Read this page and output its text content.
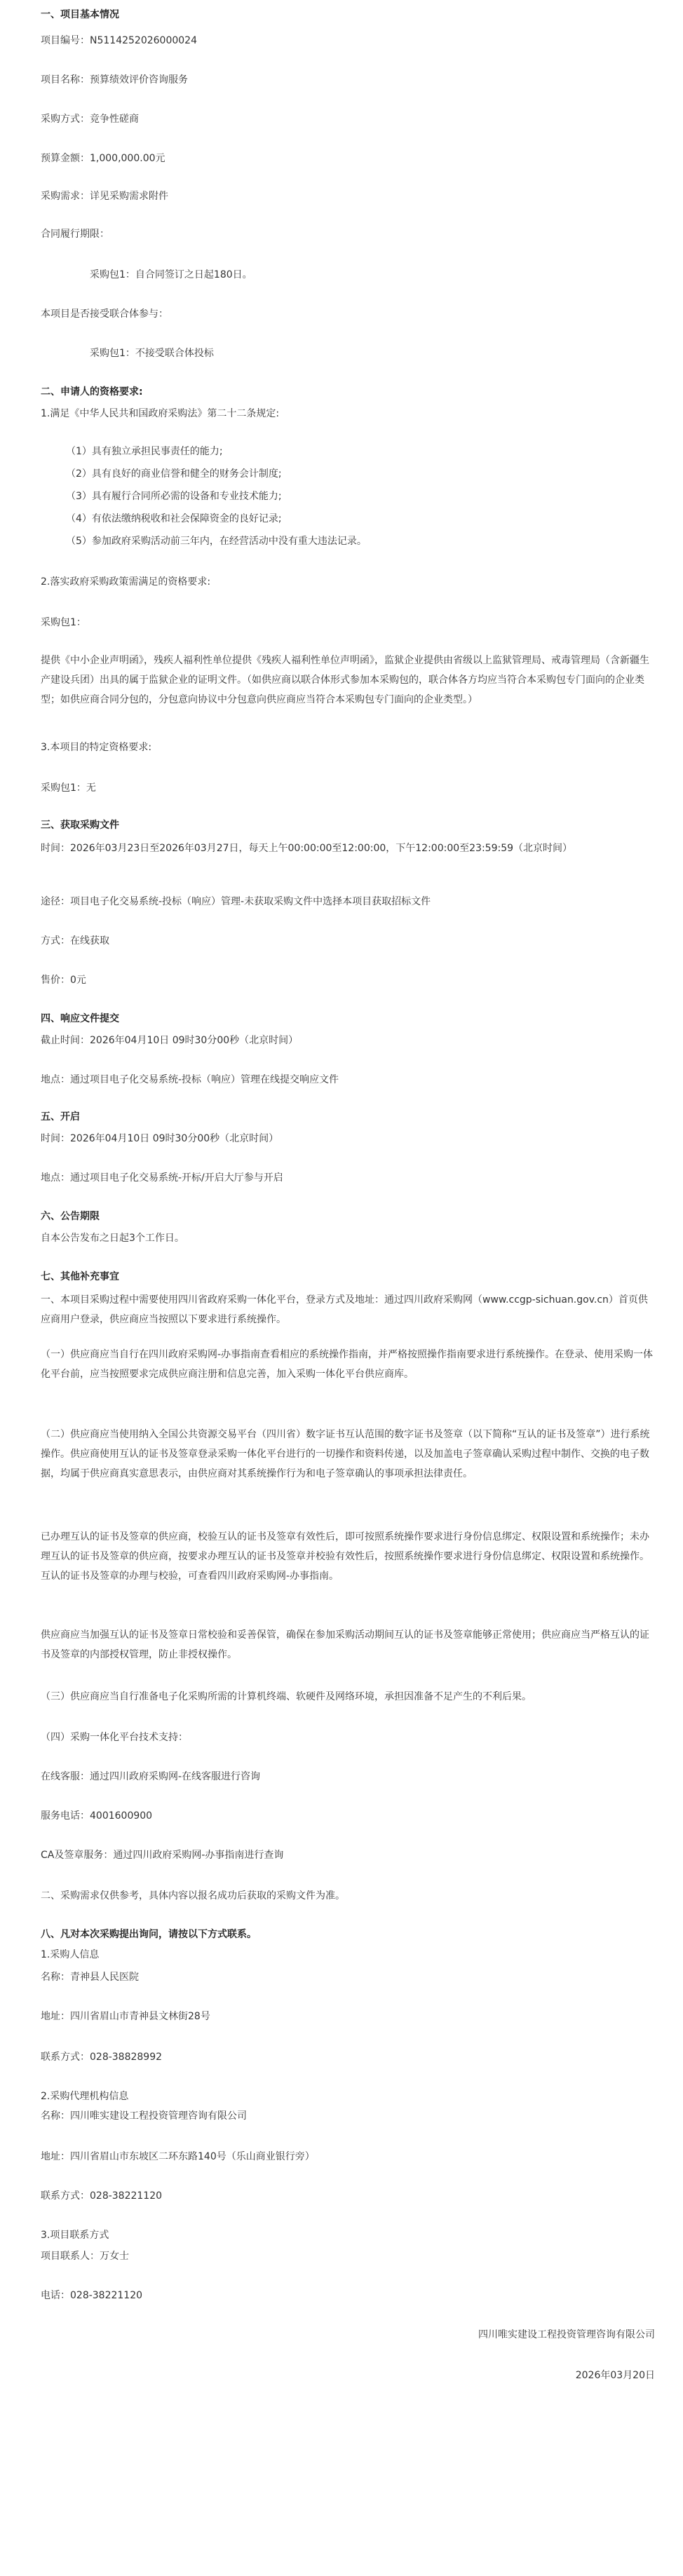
一、项目基本情况
项目编号：N5114252026000024
项目名称：预算绩效评价咨询服务
采购方式：竞争性磋商
预算金额：1,000,000.00元
采购需求：详见采购需求附件
合同履行期限：
采购包1：自合同签订之日起180日。
本项目是否接受联合体参与：
采购包1：不接受联合体投标
二、申请人的资格要求:
1.满足《中华人民共和国政府采购法》第二十二条规定:
（1）具有独立承担民事责任的能力;
（2）具有良好的商业信誉和健全的财务会计制度;
（3）具有履行合同所必需的设备和专业技术能力;
（4）有依法缴纳税收和社会保障资金的良好记录;
（5）参加政府采购活动前三年内，在经营活动中没有重大违法记录。
2.落实政府采购政策需满足的资格要求:
采购包1：
提供《中小企业声明函》，残疾人福利性单位提供《残疾人福利性单位声明函》，监狱企业提供由省级以上监狱管理局、戒毒管理局（含新疆生产建设兵团）出具的属于监狱企业的证明文件。（如供应商以联合体形式参加本采购包的，联合体各方均应当符合本采购包专门面向的企业类型；如供应商合同分包的，分包意向协议中分包意向供应商应当符合本采购包专门面向的企业类型。）
3.本项目的特定资格要求:
采购包1：无
三、获取采购文件
时间：2026年03月23日至2026年03月27日，每天上午00:00:00至12:00:00，下午12:00:00至23:59:59（北京时间）
途径：项目电子化交易系统-投标（响应）管理-未获取采购文件中选择本项目获取招标文件
方式：在线获取
售价：0元
四、响应文件提交
截止时间：2026年04月10日 09时30分00秒（北京时间）
地点：通过项目电子化交易系统-投标（响应）管理在线提交响应文件
五、开启
时间：2026年04月10日 09时30分00秒（北京时间）
地点：通过项目电子化交易系统-开标/开启大厅参与开启
六、公告期限
自本公告发布之日起3个工作日。
七、其他补充事宜
一、本项目采购过程中需要使用四川省政府采购一体化平台，登录方式及地址：通过四川政府采购网（www.ccgp-sichuan.gov.cn）首页供应商用户登录，供应商应当按照以下要求进行系统操作。
（一）供应商应当自行在四川政府采购网-办事指南查看相应的系统操作指南，并严格按照操作指南要求进行系统操作。在登录、使用采购一体化平台前，应当按照要求完成供应商注册和信息完善，加入采购一体化平台供应商库。
（二）供应商应当使用纳入全国公共资源交易平台（四川省）数字证书互认范围的数字证书及签章（以下简称“互认的证书及签章”）进行系统操作。供应商使用互认的证书及签章登录采购一体化平台进行的一切操作和资料传递，以及加盖电子签章确认采购过程中制作、交换的电子数据，均属于供应商真实意思表示，由供应商对其系统操作行为和电子签章确认的事项承担法律责任。
已办理互认的证书及签章的供应商，校验互认的证书及签章有效性后，即可按照系统操作要求进行身份信息绑定、权限设置和系统操作；未办理互认的证书及签章的供应商，按要求办理互认的证书及签章并校验有效性后，按照系统操作要求进行身份信息绑定、权限设置和系统操作。互认的证书及签章的办理与校验，可查看四川政府采购网-办事指南。
供应商应当加强互认的证书及签章日常校验和妥善保管，确保在参加采购活动期间互认的证书及签章能够正常使用；供应商应当严格互认的证书及签章的内部授权管理，防止非授权操作。
（三）供应商应当自行准备电子化采购所需的计算机终端、软硬件及网络环境，承担因准备不足产生的不利后果。
（四）采购一体化平台技术支持：
在线客服：通过四川政府采购网-在线客服进行咨询
服务电话：4001600900
CA及签章服务：通过四川政府采购网-办事指南进行查询
二、采购需求仅供参考，具体内容以报名成功后获取的采购文件为准。
八、凡对本次采购提出询问，请按以下方式联系。
1.采购人信息
名称：青神县人民医院
地址：四川省眉山市青神县文林街28号
联系方式：028-38828992
2.采购代理机构信息
名称：四川唯实建设工程投资管理咨询有限公司
地址：四川省眉山市东坡区二环东路140号（乐山商业银行旁）
联系方式：028-38221120
3.项目联系方式
项目联系人：万女士
电话：028-38221120
四川唯实建设工程投资管理咨询有限公司
2026年03月20日
